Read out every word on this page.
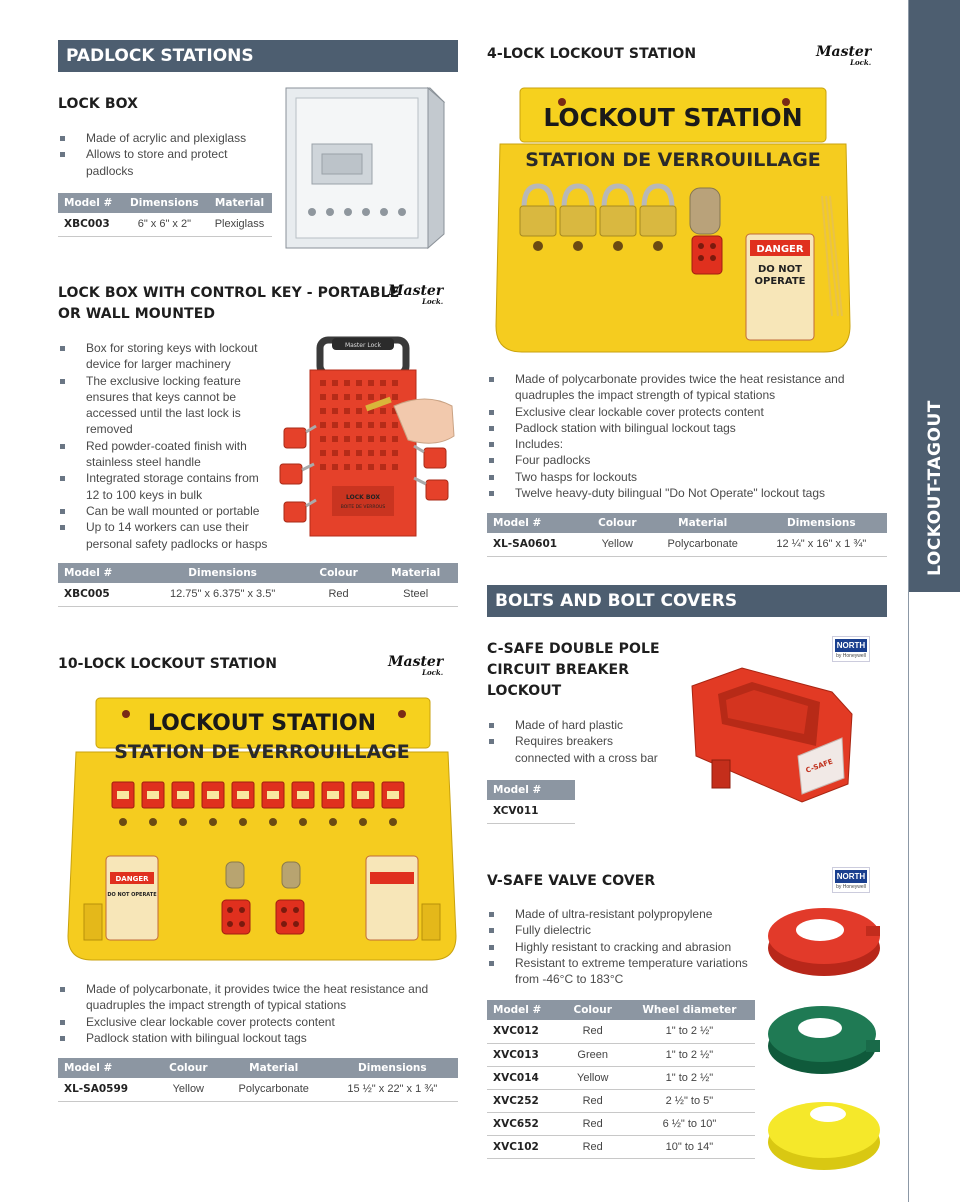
LOCKOUT-TAGOUT
PADLOCK STATIONS
LOCK BOX
Made of acrylic and plexiglass
Allows to store and protect padlocks
Model #	Dimensions	Material
XBC003	6" x 6" x 2"	Plexiglass
LOCK BOX WITH CONTROL KEY - PORTABLE
OR WALL MOUNTED
Master
Lock.
Box for storing keys with lockout device for larger machinery
The exclusive locking feature ensures that keys cannot be accessed until the last lock is removed
Red powder-coated finish with stainless steel handle
Integrated storage contains from 12 to 100 keys in bulk
Can be wall mounted or portable
Up to 14 workers can use their personal safety padlocks or hasps
Master Lock
LOCK BOX
BOITE DE VERROUS
Model #	Dimensions	Colour	Material
XBC005	12.75" x 6.375" x 3.5"	Red	Steel
10-LOCK LOCKOUT STATION	Master
Lock.
LOCKOUT STATION
STATION DE VERROUILLAGE
DANGER
DO NOT OPERATE
Made of polycarbonate, it provides twice the heat resistance and quadruples the impact strength of typical stations
Exclusive clear lockable cover protects content
Padlock station with bilingual lockout tags
Model #	Colour	Material	Dimensions
XL-SA0599	Yellow	Polycarbonate	15 ½" x 22" x 1 ¾"
4-LOCK LOCKOUT STATION	Master
Lock.
LOCKOUT STATION
STATION DE VERROUILLAGE
DANGER
DO NOT
OPERATE
Made of polycarbonate provides twice the heat resistance and quadruples the impact strength of typical stations
Exclusive clear lockable cover protects content
Padlock station with bilingual lockout tags
Includes:
Four padlocks
Two hasps for lockouts
Twelve heavy-duty bilingual "Do Not Operate" lockout tags
Model #	Colour	Material	Dimensions
XL-SA0601	Yellow	Polycarbonate	12 ¼" x 16" x 1 ¾"
BOLTS AND BOLT COVERS
C-SAFE DOUBLE POLE
CIRCUIT BREAKER
LOCKOUT
NORTH
by Honeywell
Made of hard plastic
Requires breakers connected with a cross bar	C-SAFE
Model #
XCV011
V-SAFE VALVE COVER	NORTH
by Honeywell
Made of ultra-resistant polypropylene
Fully dielectric
Highly resistant to cracking and abrasion
Resistant to extreme temperature variations from -46°C to 183°C
Model #	Colour	Wheel diameter
XVC012	Red	1" to 2 ½"
XVC013	Green	1" to 2 ½"
XVC014	Yellow	1" to 2 ½"
XVC252	Red	2 ½" to 5"
XVC652	Red	6 ½" to 10"
XVC102	Red	10" to 14"
